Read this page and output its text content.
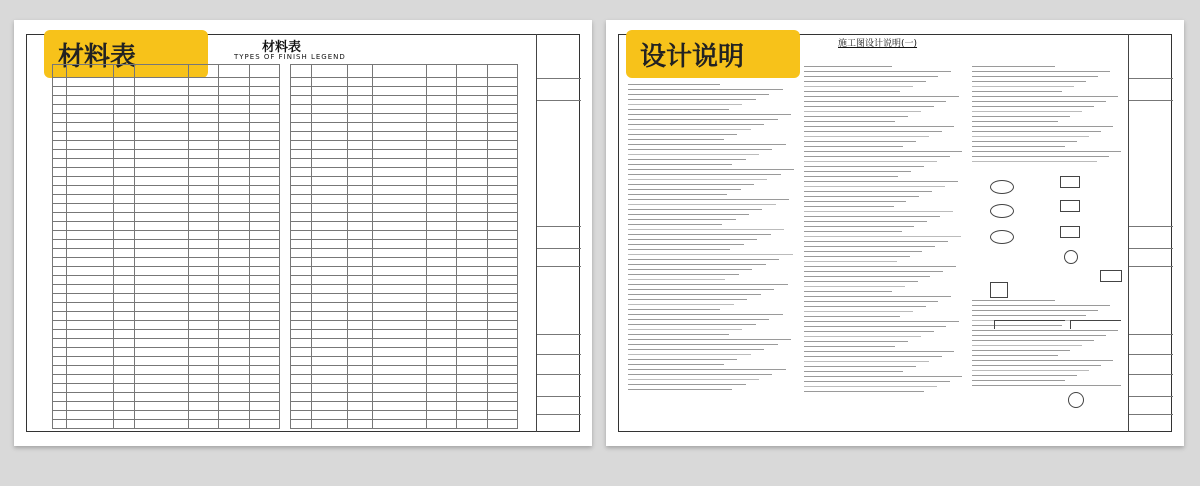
材料表	材料表
TYPES OF FINISH LEGEND

							设计说明	施工图设计说明(一)
